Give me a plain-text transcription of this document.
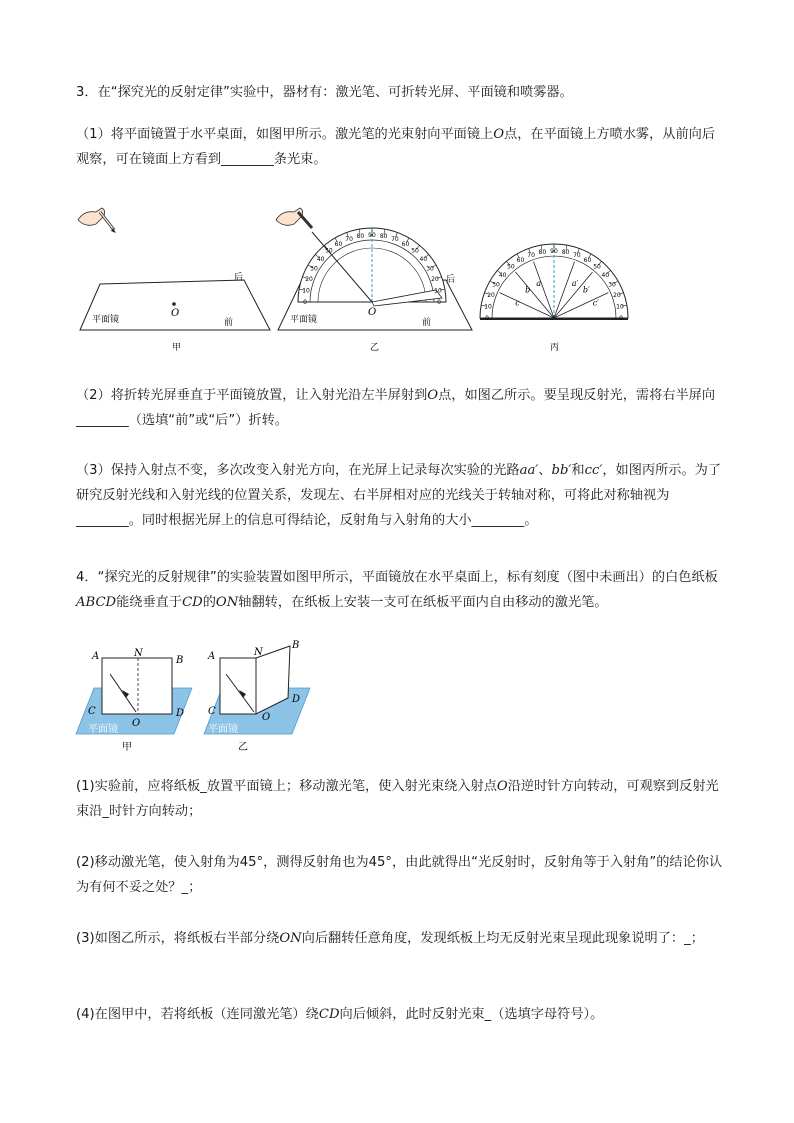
3．在“探究光的反射定律”实验中，器材有：激光笔、可折转光屏、平面镜和喷雾器。

（1）将平面镜置于水平桌面，如图甲所示。激光笔的光束射向平面镜上O点，在平面镜上方喷水雾，从前向后观察，可在镜面上方看到________条光束。

O
后
前
平面镜
甲
O
后
前
平面镜
乙
0
10
20
30
40
50
60
70 80 90 80 70
60
50
40
30
20
10
0
0
10
20
30
40
50
60
70 80 90 80 70
60
50
40
30
20
10
0
a
b
c
a′
b′
c′
丙

（2）将折转光屏垂直于平面镜放置，让入射光沿左半屏射到O点，如图乙所示。要呈现反射光，需将右半屏向________（选填“前”或“后”）折转。

（3）保持入射点不变，多次改变入射光方向，在光屏上记录每次实验的光路aa′、bb′和cc′，如图丙所示。为了研究反射光线和入射光线的位置关系，发现左、右半屏相对应的光线关于转轴对称，可将此对称轴视为________。同时根据光屏上的信息可得结论，反射角与入射角的大小________。

4．“探究光的反射规律”的实验装置如图甲所示，平面镜放在水平桌面上，标有刻度（图中未画出）的白色纸板ABCD能绕垂直于CD的ON轴翻转，在纸板上安装一支可在纸板平面内自由移动的激光笔。

A	N
B
C
O
D
平面镜
甲
A	N
B
C
O
D
平面镜
乙

(1)实验前，应将纸板_放置平面镜上；移动激光笔，使入射光束绕入射点O沿逆时针方向转动，可观察到反射光束沿_时针方向转动；

(2)移动激光笔，使入射角为45°，测得反射角也为45°，由此就得出“光反射时，反射角等于入射角”的结论你认为有何不妥之处？_；

(3)如图乙所示，将纸板右半部分绕ON向后翻转任意角度，发现纸板上均无反射光束呈现此现象说明了：_；

(4)在图甲中，若将纸板（连同激光笔）绕CD向后倾斜，此时反射光束_（选填字母符号）。
